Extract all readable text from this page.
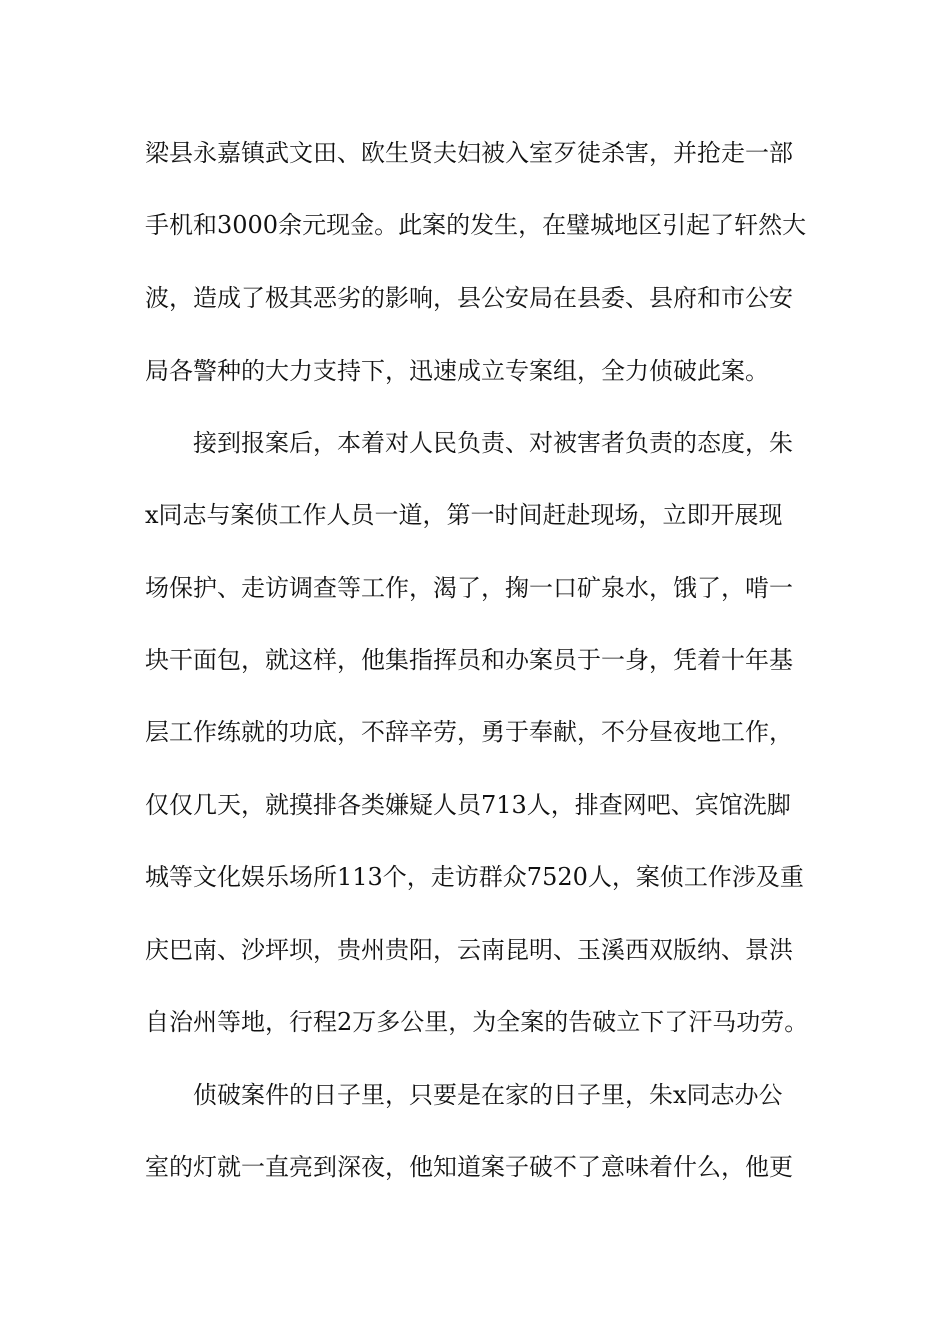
梁县永嘉镇武文田、欧生贤夫妇被入室歹徒杀害，并抢走一部
手机和3000余元现金。此案的发生，在璧城地区引起了轩然大
波，造成了极其恶劣的影响，县公安局在县委、县府和市公安
局各警种的大力支持下，迅速成立专案组，全力侦破此案。
接到报案后，本着对人民负责、对被害者负责的态度，朱
x同志与案侦工作人员一道，第一时间赶赴现场，立即开展现
场保护、走访调查等工作，渴了，掬一口矿泉水，饿了，啃一
块干面包，就这样，他集指挥员和办案员于一身，凭着十年基
层工作练就的功底，不辞辛劳，勇于奉献，不分昼夜地工作，
仅仅几天，就摸排各类嫌疑人员713人，排查网吧、宾馆洗脚
城等文化娱乐场所113个，走访群众7520人，案侦工作涉及重
庆巴南、沙坪坝，贵州贵阳，云南昆明、玉溪西双版纳、景洪
自治州等地，行程2万多公里，为全案的告破立下了汗马功劳。
侦破案件的日子里，只要是在家的日子里，朱x同志办公
室的灯就一直亮到深夜，他知道案子破不了意味着什么，他更
